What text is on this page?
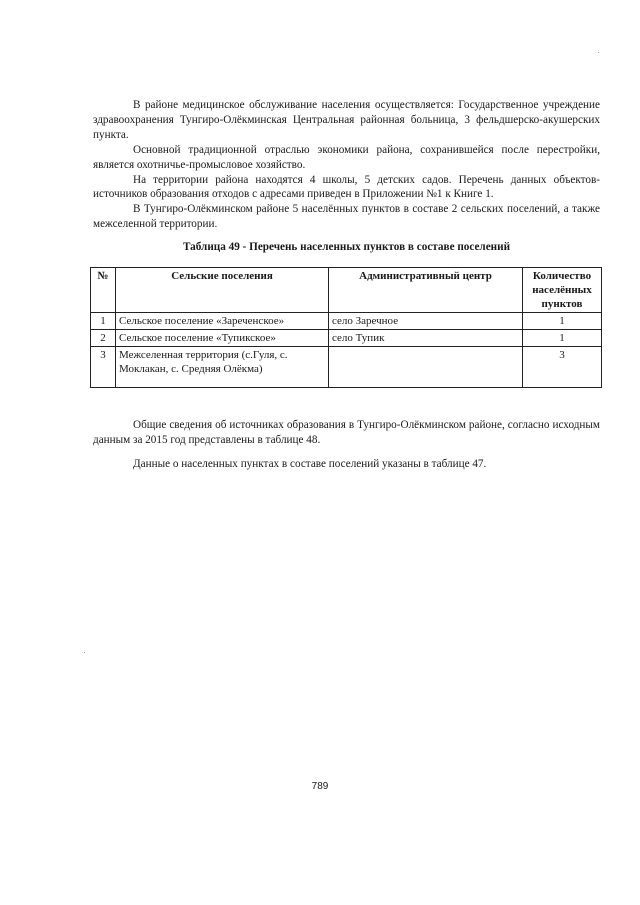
В районе медицинское обслуживание населения осуществляется: Государственное учреждение здравоохранения Тунгиро-Олёкминская Центральная районная больница, 3 фельдшерско-акушерских пункта.

Основной традиционной отраслью экономики района, сохранившейся после перестройки, является охотничье-промысловое хозяйство.

На территории района находятся 4 школы, 5 детских садов. Перечень данных объектов-источников образования отходов с адресами приведен в Приложении №1 к Книге 1.

В Тунгиро-Олёкминском районе 5 населённых пунктов в составе 2 сельских поселений, а также межселенной территории.

Таблица 49 - Перечень населенных пунктов в составе поселений
№	Сельские поселения	Административный центр	Количество населённых пунктов
1	Сельское поселение «Зареченское»	село Заречное	1
2	Сельское поселение «Тупикское»	село Тупик	1
3	Межселенная территория (с.Гуля, с. Моклакан, с. Средняя Олёкма)		3

Общие сведения об источниках образования в Тунгиро-Олёкминском районе, согласно исходным данным за 2015 год представлены в таблице 48.

Данные о населенных пунктах в составе поселений указаны в таблице 47.

789
